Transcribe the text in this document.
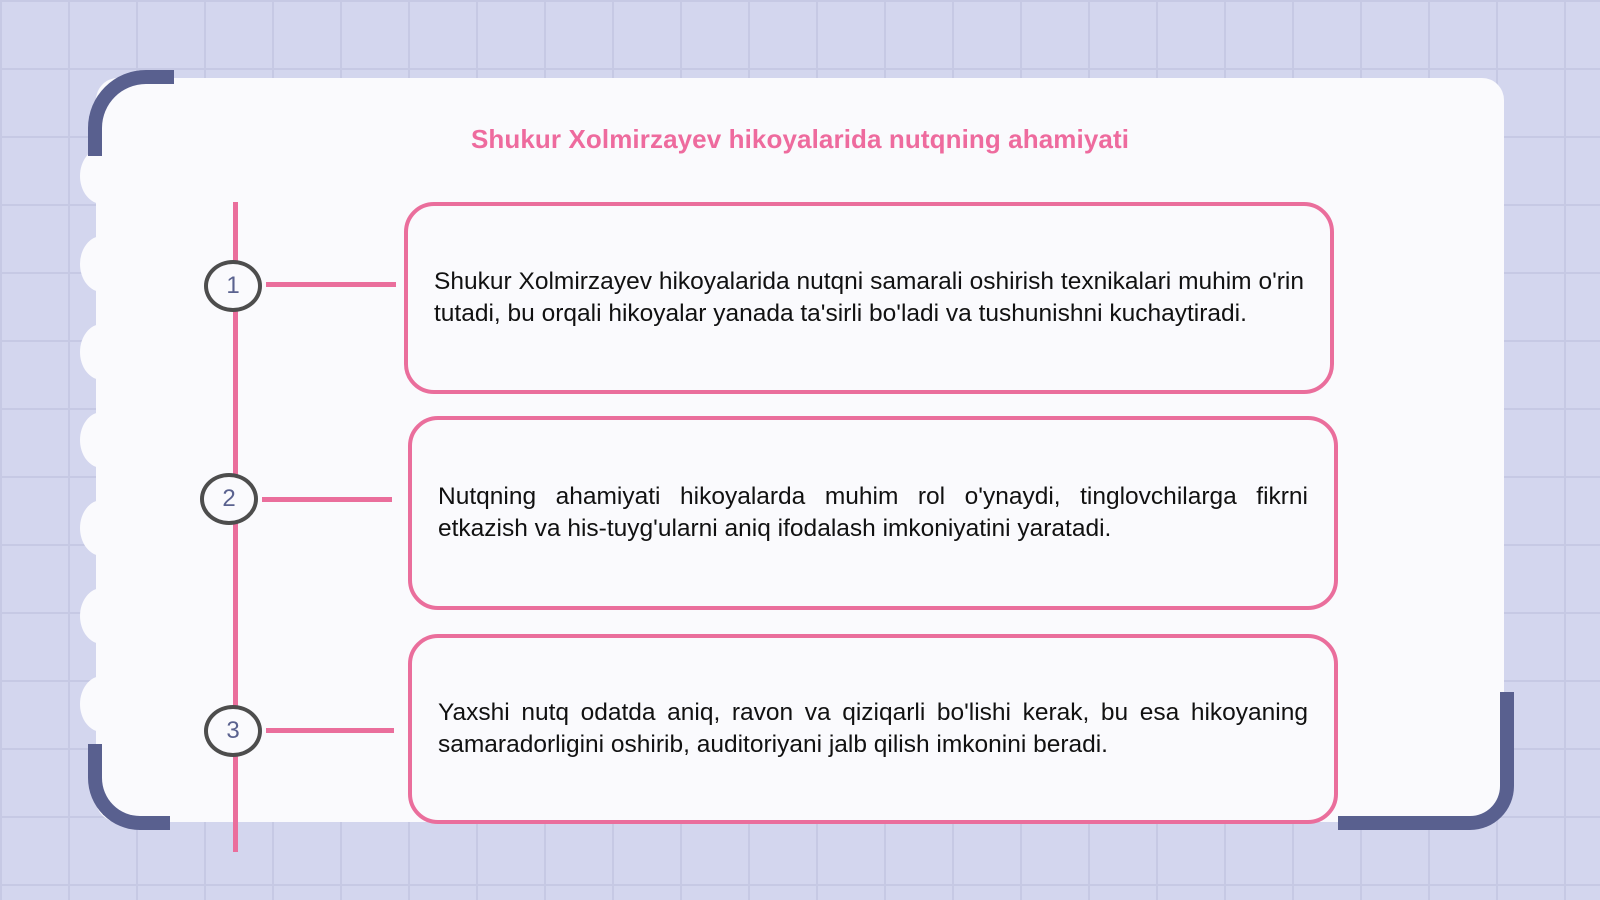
Shukur Xolmirzayev hikoyalarida nutqning ahamiyati
1
2
3

Shukur Xolmirzayev hikoyalarida nutqni samarali oshirish texnikalari muhim o'rin tutadi, bu orqali hikoyalar yanada ta'sirli bo'ladi va tushunishni kuchaytiradi.

Nutqning ahamiyati hikoyalarda muhim rol o'ynaydi, tinglovchilarga fikrni etkazish va his-tuyg'ularni aniq ifodalash imkoniyatini yaratadi.

Yaxshi nutq odatda aniq, ravon va qiziqarli bo'lishi kerak, bu esa hikoyaning samaradorligini oshirib, auditoriyani jalb qilish imkonini beradi.
